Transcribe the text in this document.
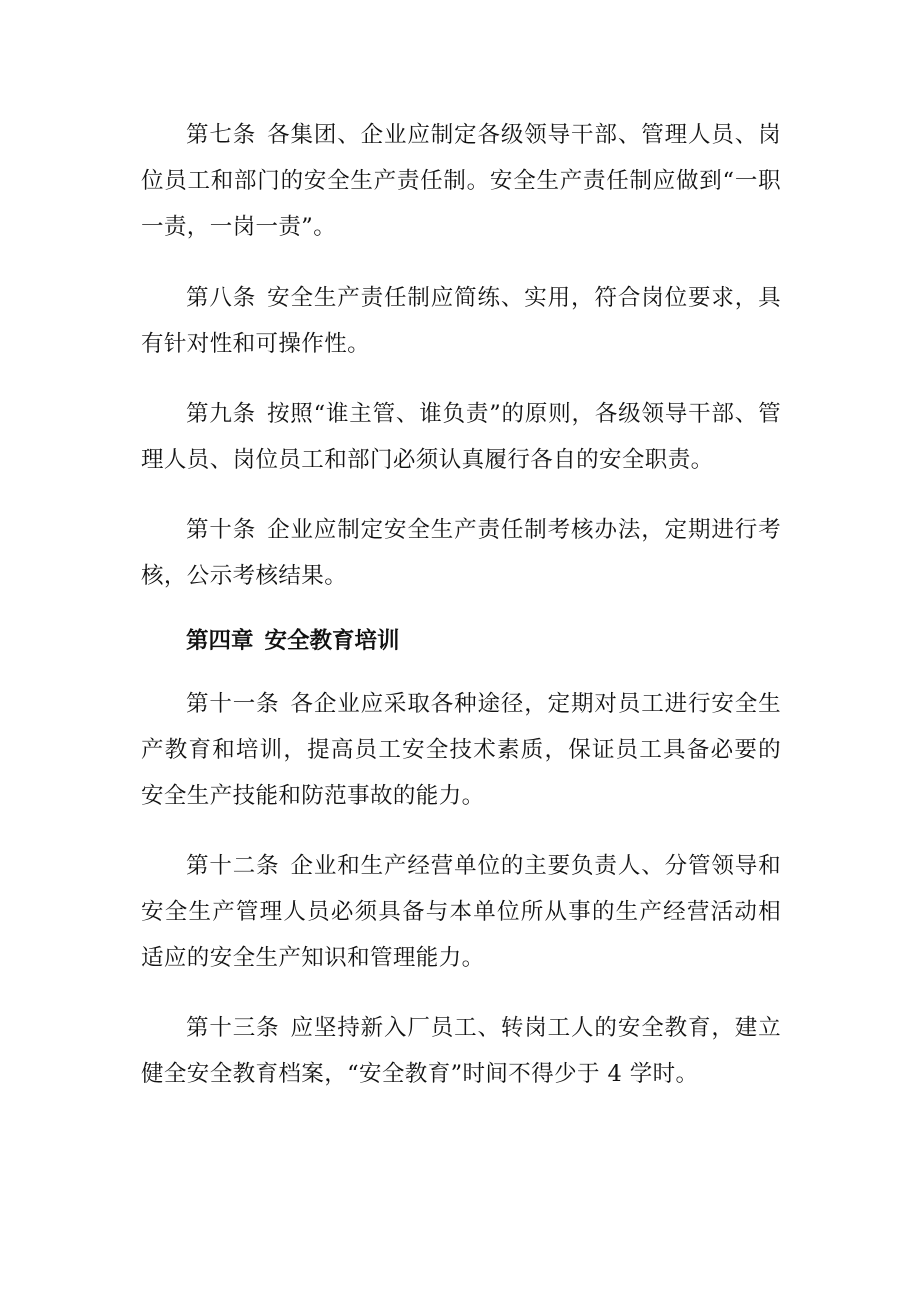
第七条 各集团、企业应制定各级领导干部、管理人员、岗位员工和部门的安全生产责任制。安全生产责任制应做到“一职一责，一岗一责”。

第八条 安全生产责任制应简练、实用，符合岗位要求，具有针对性和可操作性。

第九条 按照“谁主管、谁负责”的原则，各级领导干部、管理人员、岗位员工和部门必须认真履行各自的安全职责。

第十条 企业应制定安全生产责任制考核办法，定期进行考核，公示考核结果。

第四章 安全教育培训

第十一条 各企业应采取各种途径，定期对员工进行安全生产教育和培训，提高员工安全技术素质，保证员工具备必要的安全生产技能和防范事故的能力。

第十二条 企业和生产经营单位的主要负责人、分管领导和安全生产管理人员必须具备与本单位所从事的生产经营活动相适应的安全生产知识和管理能力。

第十三条 应坚持新入厂员工、转岗工人的安全教育，建立健全安全教育档案，“安全教育”时间不得少于 4 学时。
